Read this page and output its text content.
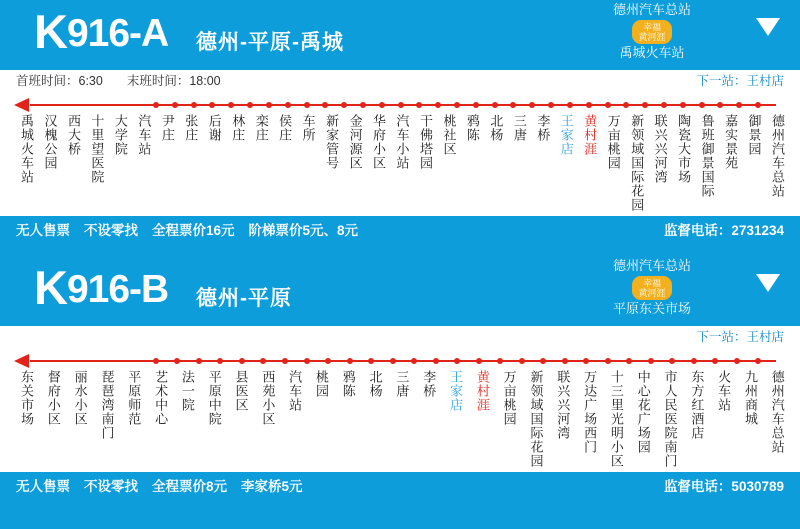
K916-A 德州-平原-禹城
德州汽车总站
幸福
黄河涯
禹城火车站
首班时间：6:30 末班时间：18:00	下一站：王村店
禹城火车站 汉槐公园 西大桥 十里望医院 大学院 汽车站 尹庄 张庄 后谢 林庄 栾庄 侯庄 车所 新家管号 金河源区 华府小区 汽车小站 干佛塔园 桃社区 鸦陈 北杨 三唐 李桥 王家店 黄村涯 万亩桃园 新领域国际花园 联兴兴河湾 陶瓷大市场 鲁班御景国际 嘉实景苑 御景园 德州汽车总站
无人售票 不设零找 全程票价16元 阶梯票价5元、8元	监督电话：2731234
K916-B 德州-平原
德州汽车总站
幸福
黄河涯
平原东关市场
下一站：王村店
东关市场 督府小区 丽水小区 琵琶湾南门 平原师范 艺术中心 法一院 平原中院 县医区 西苑小区 汽车站 桃园 鸦陈 北杨 三唐 李桥 王家店 黄村涯 万亩桃园 新领域国际花园 联兴兴河湾 万达广场西门 十三里光明小区 中心花广场园 市人民医院南门 东方红酒店 火车站 九州商城 德州汽车总站
无人售票 不设零找 全程票价8元 李家桥5元	监督电话：5030789
